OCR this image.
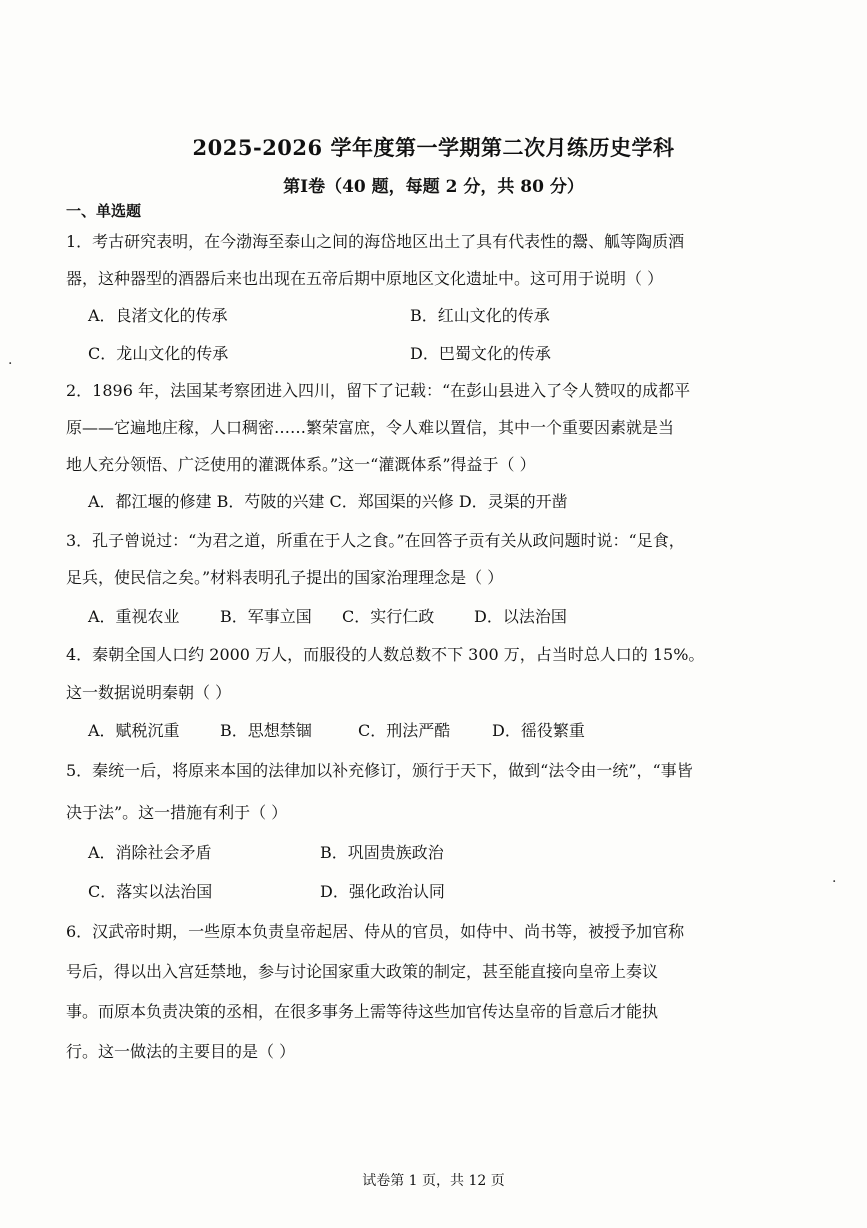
2025-2026 学年度第一学期第二次月练历史学科
第Ⅰ卷（40 题，每题 2 分，共 80 分）
一、单选题
1．考古研究表明，在今渤海至泰山之间的海岱地区出土了具有代表性的鬶、觚等陶质酒
器，这种器型的酒器后来也出现在五帝后期中原地区文化遗址中。这可用于说明（ ）
A．良渚文化的传承	B．红山文化的传承
C．龙山文化的传承	D．巴蜀文化的传承
2．1896 年，法国某考察团进入四川，留下了记载：“在彭山县进入了令人赞叹的成都平
原——它遍地庄稼，人口稠密……繁荣富庶，令人难以置信，其中一个重要因素就是当
地人充分领悟、广泛使用的灌溉体系。”这一“灌溉体系”得益于（ ）
A．都江堰的修建 B．芍陂的兴建 C．郑国渠的兴修 D．灵渠的开凿
3．孔子曾说过：“为君之道，所重在于人之食。”在回答子贡有关从政问题时说：“足食，
足兵，使民信之矣。”材料表明孔子提出的国家治理理念是（ ）
A．重视农业	B．军事立国 C．实行仁政 D．以法治国
4．秦朝全国人口约 2000 万人，而服役的人数总数不下 300 万，占当时总人口的 15%。
这一数据说明秦朝（ ）
A．赋税沉重	B．思想禁锢	C．刑法严酷	D．徭役繁重
5．秦统一后，将原来本国的法律加以补充修订，颁行于天下，做到“法令由一统”，“事皆
决于法”。这一措施有利于（ ）
A．消除社会矛盾	B．巩固贵族政治
C．落实以法治国	D．强化政治认同
6．汉武帝时期，一些原本负责皇帝起居、侍从的官员，如侍中、尚书等，被授予加官称
号后，得以出入宫廷禁地，参与讨论国家重大政策的制定，甚至能直接向皇帝上奏议
事。而原本负责决策的丞相，在很多事务上需等待这些加官传达皇帝的旨意后才能执
行。这一做法的主要目的是（ ）
试卷第 1 页，共 12 页
·
·
